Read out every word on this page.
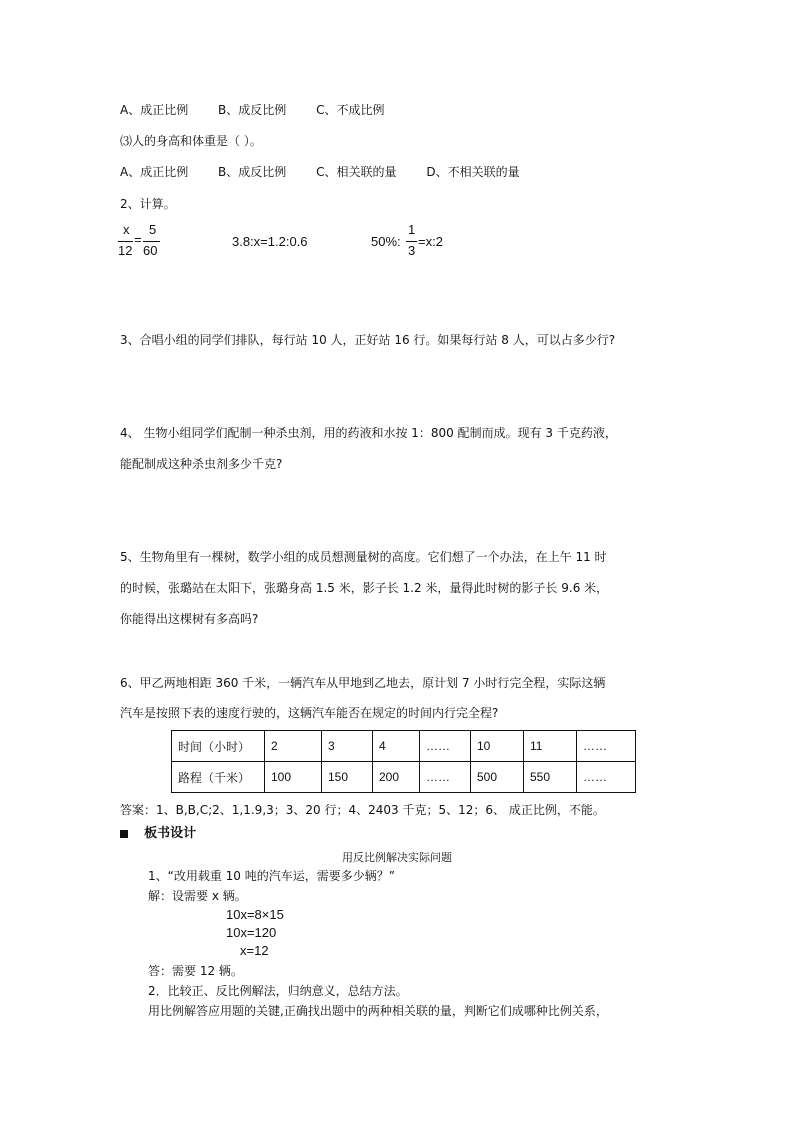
A、成正比例 B、成反比例 C、不成比例
⑶人的身高和体重是（ ）。
A、成正比例 B、成反比例 C、相关联的量 D、不相关联的量
2、计算。
x
12
=
5
60
3.8:x=1.2:0.6	50%:
1
3
=x:2
3、合唱小组的同学们排队，每行站 10 人，正好站 16 行。如果每行站 8 人，可以占多少行?
4、 生物小组同学们配制一种杀虫剂，用的药液和水按 1：800 配制而成。现有 3 千克药液，
能配制成这种杀虫剂多少千克?
5、生物角里有一棵树，数学小组的成员想测量树的高度。它们想了一个办法，在上午 11 时
的时候，张璐站在太阳下，张璐身高 1.5 米，影子长 1.2 米，量得此时树的影子长 9.6 米，
你能得出这棵树有多高吗?
6、甲乙两地相距 360 千米，一辆汽车从甲地到乙地去，原计划 7 小时行完全程，实际这辆
汽车是按照下表的速度行驶的，这辆汽车能否在规定的时间内行完全程?
时间（小时）	2	3	4	……	10	11	……
路程（千米）	100	150	200	……	500	550	……
答案：1、B,B,C;2、1,1.9,3；3、20 行；4、2403 千克；5、12；6、 成正比例，不能。
板书设计
用反比例解决实际问题
1、“改用载重 10 吨的汽车运，需要多少辆？”
解：设需要 x 辆。
10x=8×15
10x=120
x=12
答：需要 12 辆。
2．比较正、反比例解法，归纳意义，总结方法。
用比例解答应用题的关键,正确找出题中的两种相关联的量，判断它们成哪种比例关系，
